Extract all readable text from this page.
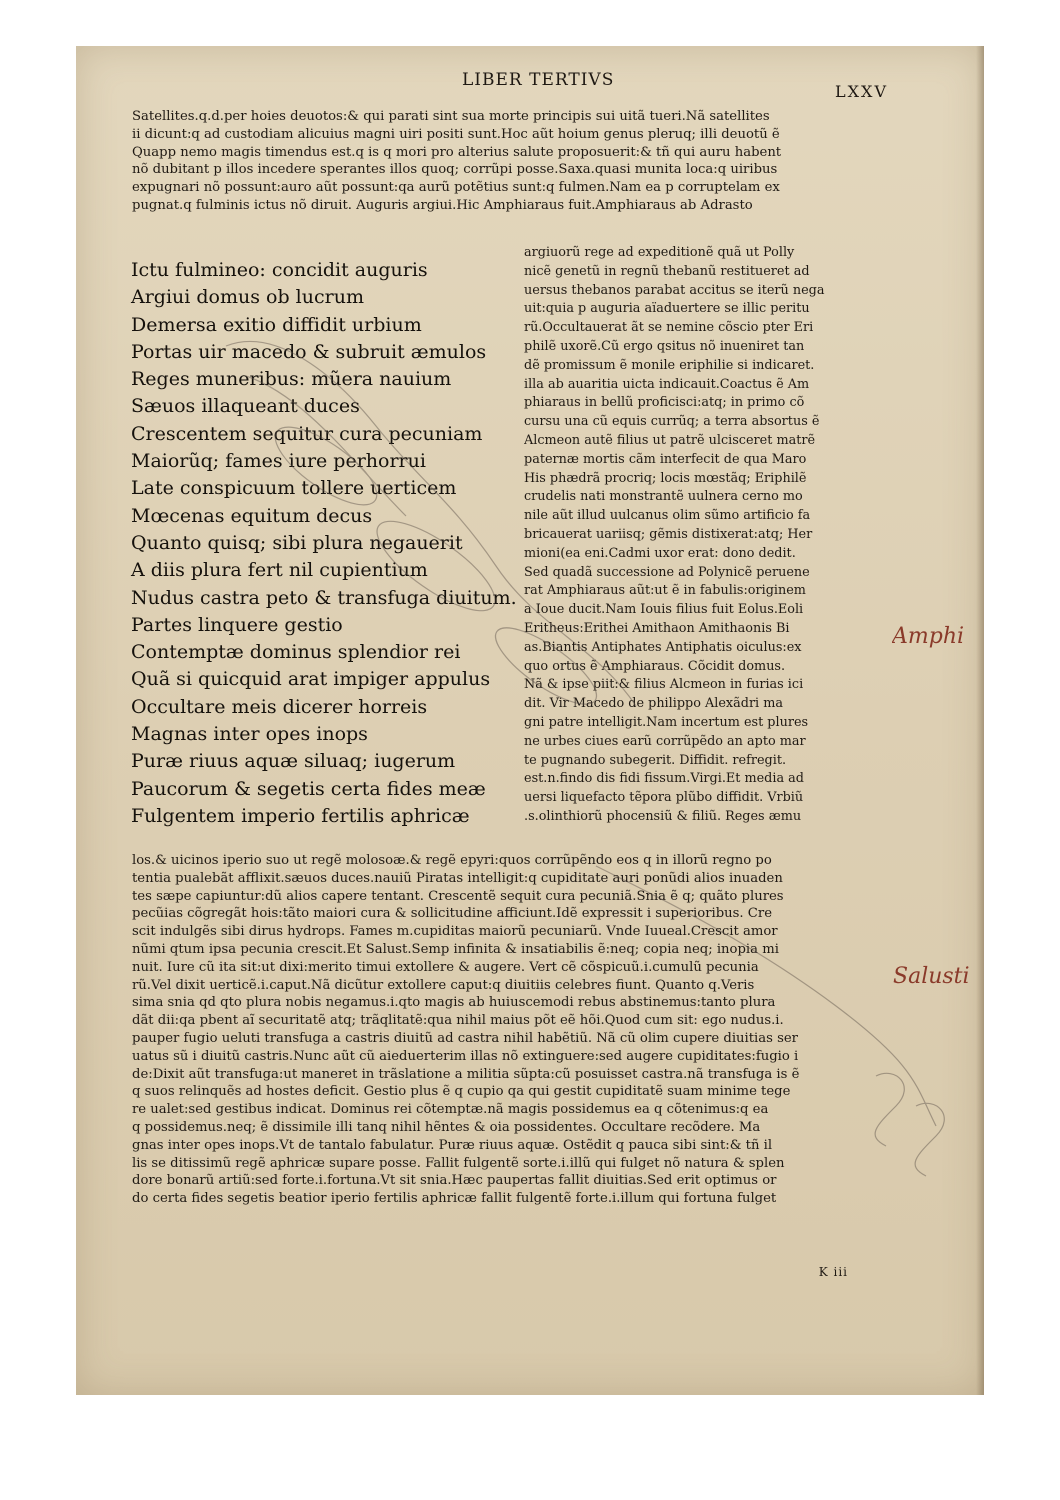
LIBER TERTIVS
LXXV
Satellites.q.d.per hoies deuotos:& qui parati sint sua morte principis sui uitã tueri.Nã satellites
ii dicunt:q ad custodiam alicuius magni uiri positi sunt.Hoc aũt hoium genus pleruq; illi deuotũ ẽ
Quapp nemo magis timendus est.q is q mori pro alterius salute proposuerit:& tñ qui auru habent
nõ dubitant p illos incedere sperantes illos quoq; corrũpi posse.Saxa.quasi munita loca:q uiribus
expugnari nõ possunt:auro aũt possunt:qa aurũ potẽtius sunt:q fulmen.Nam ea p corruptelam ex
pugnat.q fulminis ictus nõ diruit. Auguris argiui.Hic Amphiaraus fuit.Amphiaraus ab Adrasto
Ictu fulmineo: concidit auguris
Argiui domus ob lucrum
Demersa exitio diffidit urbium
Portas uir macedo & subruit æmulos
Reges muneribus: mũera nauium
Sæuos illaqueant duces
Crescentem sequitur cura pecuniam
Maiorũq; fames iure perhorrui
Late conspicuum tollere uerticem
Mœcenas equitum decus
Quanto quisq; sibi plura negauerit
A diis plura fert nil cupientium
Nudus castra peto & transfuga diuitum.
Partes linquere gestio
Contemptæ dominus splendior rei
Quã si quicquid arat impiger appulus
Occultare meis dicerer horreis
Magnas inter opes inops
Puræ riuus aquæ siluaq; iugerum
Paucorum & segetis certa fides meæ
Fulgentem imperio fertilis aphricæ
argiuorũ rege ad expeditionẽ quã ut Polly
nicẽ genetũ in regnũ thebanũ restitueret ad
uersus thebanos parabat accitus se iterũ nega
uit:quia p auguria aïaduertere se illic peritu
rũ.Occultauerat ãt se nemine cõscio pter Eri
philẽ uxorẽ.Cũ ergo qsitus nõ inueniret tan
dẽ promissum ẽ monile eriphilie si indicaret.
illa ab auaritia uicta indicauit.Coactus ẽ Am
phiaraus in bellũ proficisci:atq; in primo cõ
cursu una cũ equis currũq; a terra absortus ẽ
Alcmeon autẽ filius ut patrẽ ulcisceret matrẽ
paternæ mortis cãm interfecit de qua Maro
His phædrã procriq; locis mœstãq; Eriphilẽ
crudelis nati monstrantẽ uulnera cerno mo
nile aũt illud uulcanus olim sũmo artificio fa
bricauerat uariisq; gẽmis distixerat:atq; Her
mioni(ea eni.Cadmi uxor erat: dono dedit.
Sed quadã successione ad Polynicẽ peruene
rat Amphiaraus aũt:ut ẽ in fabulis:originem
a Ioue ducit.Nam Iouis filius fuit Eolus.Eoli
Eritheus:Erithei Amithaon Amithaonis Bi
as.Biantis Antiphates Antiphatis oiculus:ex
quo ortus ẽ Amphiaraus. Cõcidit domus.
Nã & ipse piit:& filius Alcmeon in furias ici
dit. Vir Macedo de philippo Alexãdri ma
gni patre intelligit.Nam incertum est plures
ne urbes ciues earũ corrũpẽdo an apto mar
te pugnando subegerit. Diffidit. refregit.
est.n.findo dis fidi fissum.Virgi.Et media ad
uersi liquefacto tẽpora plũbo diffidit. Vrbiũ
.s.olinthiorũ phocensiũ & filiũ. Reges æmu
los.& uicinos iperio suo ut regẽ molosoæ.& regẽ epyri:quos corrũpẽndo eos q in illorũ regno po
tentia pualebãt afflixit.sæuos duces.nauiũ Piratas intelligit:q cupiditate auri ponũdi alios inuaden
tes sæpe capiuntur:dũ alios capere tentant. Crescentẽ sequit cura pecuniã.Snia ẽ q; quãto plures
pecũias cõgregãt hois:tãto maiori cura & sollicitudine afficiunt.Idẽ expressit i superioribus. Cre
scit indulgẽs sibi dirus hydrops. Fames m.cupiditas maiorũ pecuniarũ. Vnde Iuueal.Crescit amor
nũmi qtum ipsa pecunia crescit.Et Salust.Semp infinita & insatiabilis ẽ:neq; copia neq; inopia mi
nuit. Iure cũ ita sit:ut dixi:merito timui extollere & augere. Vert cẽ cõspicuũ.i.cumulũ pecunia
rũ.Vel dixit uerticẽ.i.caput.Nã dicũtur extollere caput:q diuitiis celebres fiunt. Quanto q.Veris
sima snia qd qto plura nobis negamus.i.qto magis ab huiuscemodi rebus abstinemus:tanto plura
dãt dii:qa pbent aĩ securitatẽ atq; trãqlitatẽ:qua nihil maius põt eẽ hõi.Quod cum sit: ego nudus.i.
pauper fugio ueluti transfuga a castris diuitũ ad castra nihil habẽtiũ. Nã cũ olim cupere diuitias ser
uatus sũ i diuitũ castris.Nunc aũt cũ aieduerterim illas nõ extinguere:sed augere cupiditates:fugio i
de:Dixit aũt transfuga:ut maneret in trãslatione a militia sũpta:cũ posuisset castra.nã transfuga is ẽ
q suos relinquẽs ad hostes deficit. Gestio plus ẽ q cupio qa qui gestit cupiditatẽ suam minime tege
re ualet:sed gestibus indicat. Dominus rei cõtemptæ.nã magis possidemus ea q cõtenimus:q ea
q possidemus.neq; ẽ dissimile illi tanq nihil hẽntes & oia possidentes. Occultare recõdere. Ma
gnas inter opes inops.Vt de tantalo fabulatur. Puræ riuus aquæ. Ostẽdit q pauca sibi sint:& tñ il
lis se ditissimũ regẽ aphricæ supare posse. Fallit fulgentẽ sorte.i.illũ qui fulget nõ natura & splen
dore bonarũ artiũ:sed forte.i.fortuna.Vt sit snia.Hæc paupertas fallit diuitias.Sed erit optimus or
do certa fides segetis beatior iperio fertilis aphricæ fallit fulgentẽ forte.i.illum qui fortuna fulget
K iii
Amphi
Salusti
